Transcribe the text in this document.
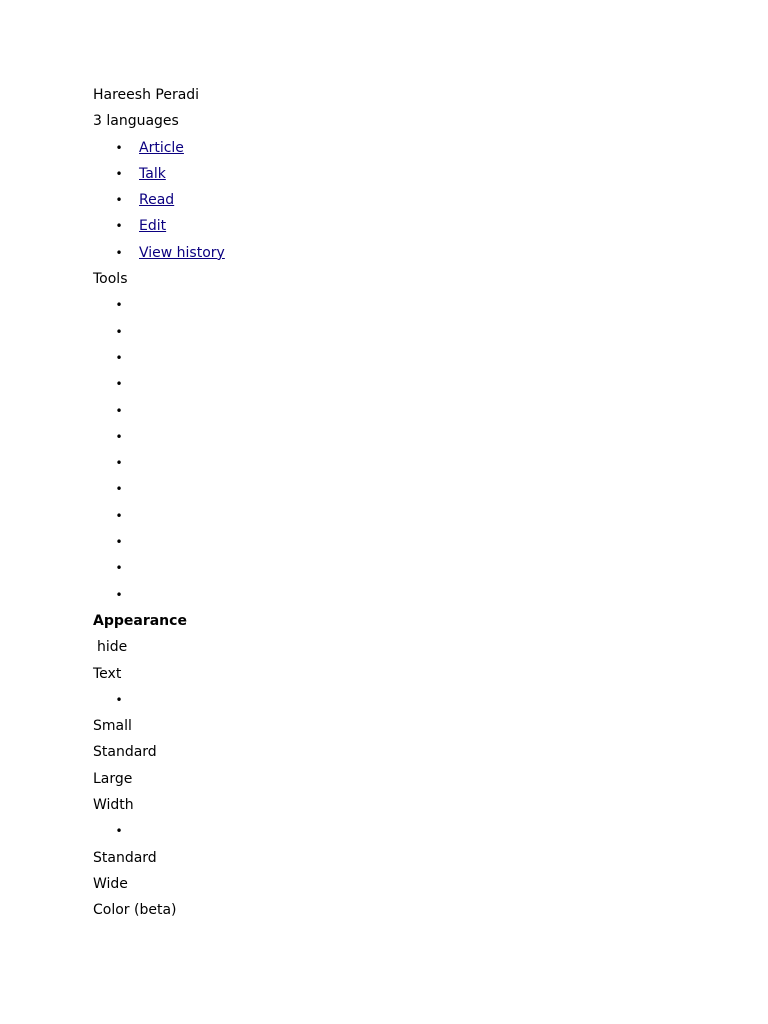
Hareesh Peradi
3 languages
• Article
• Talk
• Read
• Edit
• View history
Tools
•
•
•
•
•
•
•
•
•
•
•
•
Appearance
hide
Text
•
Small
Standard
Large
Width
•
Standard
Wide
Color (beta)
